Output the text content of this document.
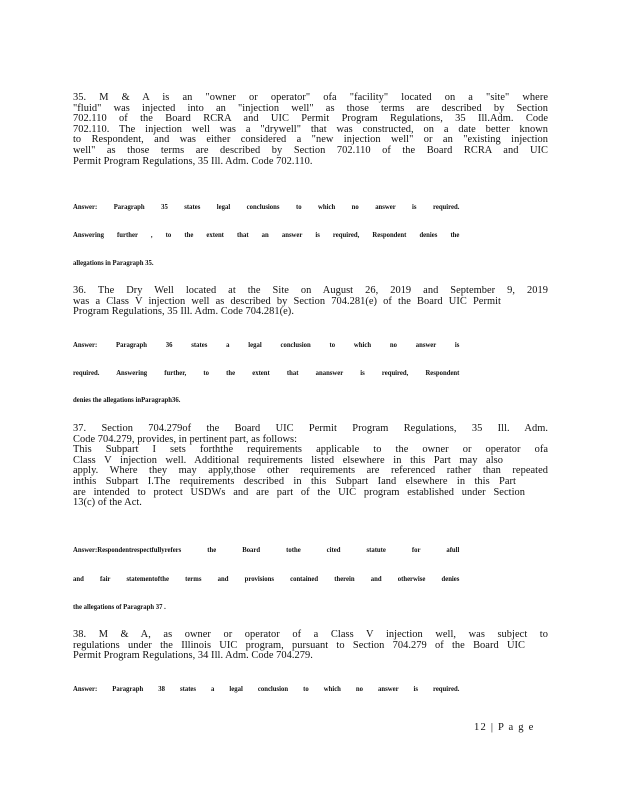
35. M & A is an "owner or operator" ofa "facility" located on a "site" where
"fluid" was injected into an "injection well" as those terms are described by Section
702.110 of the Board RCRA and UIC Permit Program Regulations, 35 Ill.Adm. Code
702.110. The injection well was a "drywell" that was constructed, on a date better known
to Respondent, and was either considered a "new injection well" or an "existing injection
well" as those terms are described by Section 702.110 of the Board RCRA and UIC
Permit Program Regulations, 35 Ill. Adm. Code 702.110.
Answer: Paragraph 35 states legal conclusions to which no answer is required.
Answering further , to the extent that an answer is required, Respondent denies the
allegations in Paragraph 35.
36. The Dry Well located at the Site on August 26, 2019 and September 9, 2019
was a Class V injection well as described by Section 704.281(e) of the Board UIC Permit
Program Regulations, 35 Ill. Adm. Code 704.281(e).
Answer: Paragraph 36 states a legal conclusion to which no answer is
required. Answering further, to the extent that ananswer is required, Respondent
denies the allegations inParagraph36.
37. Section 704.279of the Board UIC Permit Program Regulations, 35 Ill. Adm.
Code 704.279, provides, in pertinent part, as follows:
This Subpart I sets forththe requirements applicable to the owner or operator ofa
Class V injection well. Additional requirements listed elsewhere in this Part may also
apply. Where they may apply,those other requirements are referenced rather than repeated
inthis Subpart I.The requirements described in this Subpart Iand elsewhere in this Part
are intended to protect USDWs and are part of the UIC program established under Section
13(c) of the Act.
Answer:Respondentrespectfullyrefers the Board tothe cited statute for afull
and fair statementofthe terms and provisions contained therein and otherwise denies
the allegations of Paragraph 37 .
38. M & A, as owner or operator of a Class V injection well, was subject to
regulations under the Illinois UIC program, pursuant to Section 704.279 of the Board UIC
Permit Program Regulations, 34 Ill. Adm. Code 704.279.
Answer: Paragraph 38 states a legal conclusion to which no answer is required.
12 | P a g e
